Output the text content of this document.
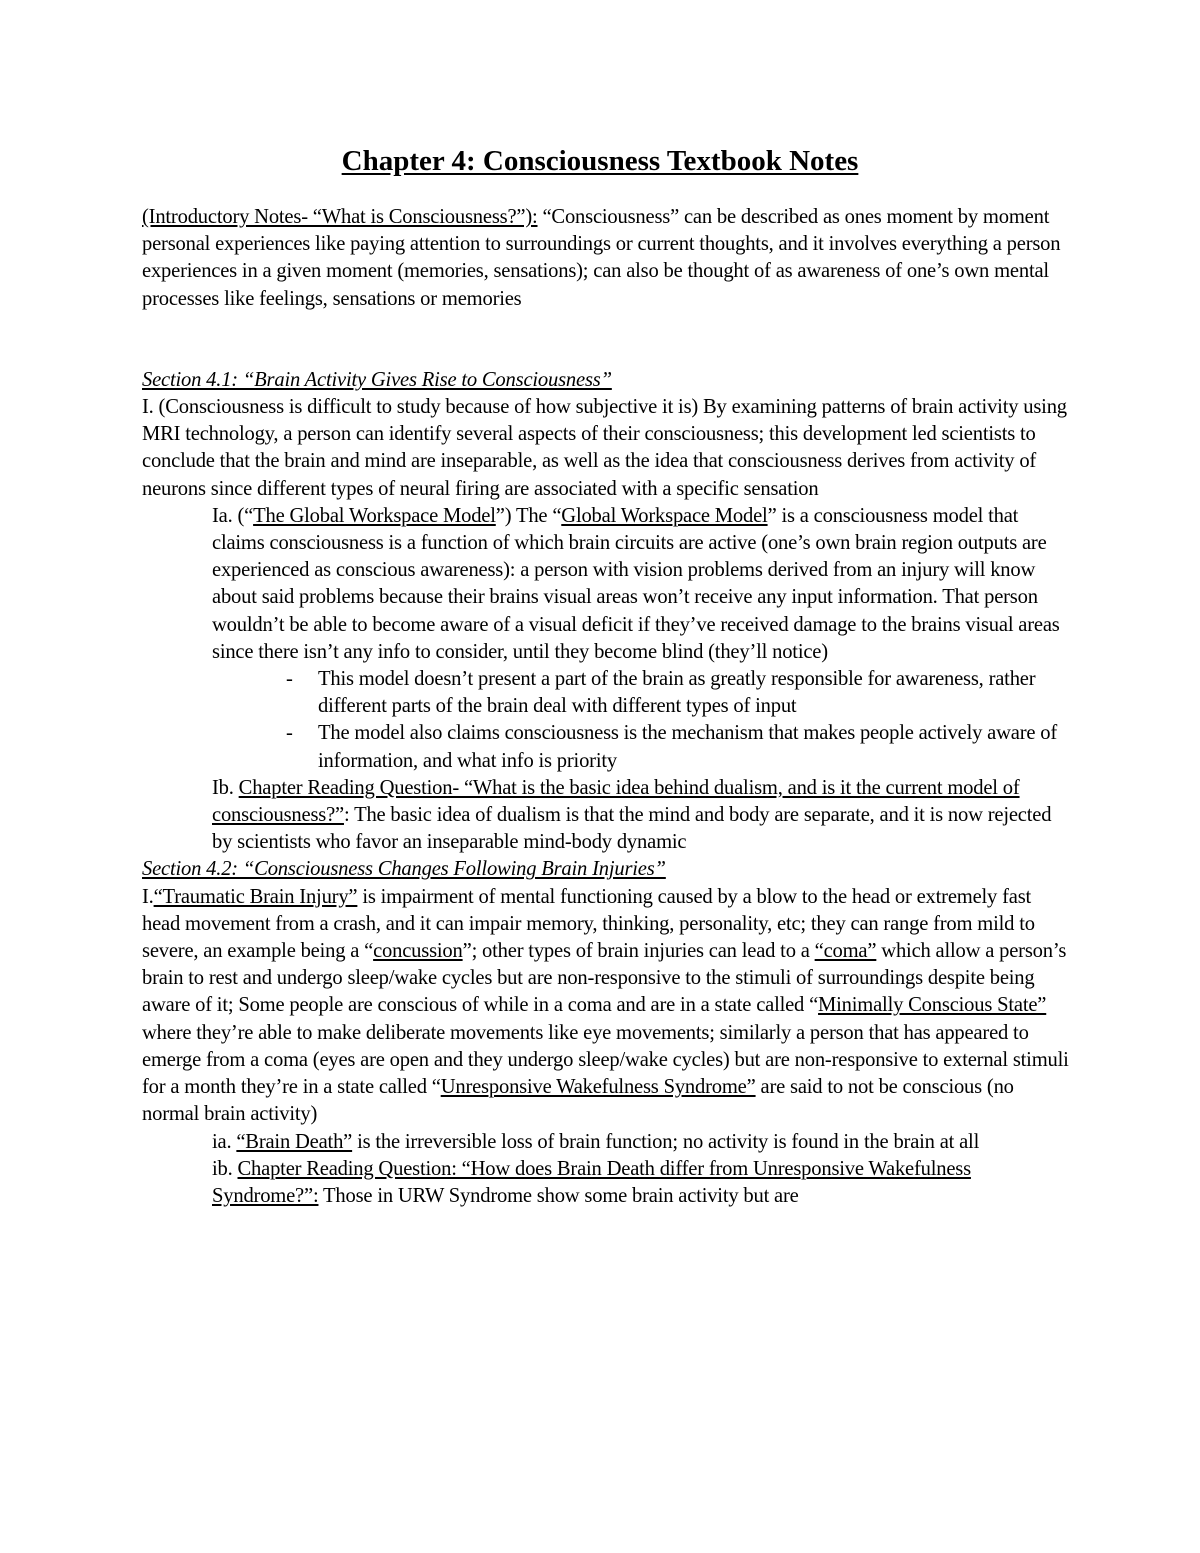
Chapter 4: Consciousness Textbook Notes

(Introductory Notes- “What is Consciousness?”): “Consciousness” can be described as ones moment by moment personal experiences like paying attention to surroundings or current thoughts, and it involves everything a person experiences in a given moment (memories, sensations); can also be thought of as awareness of one’s own mental processes like feelings, sensations or memories

Section 4.1: “Brain Activity Gives Rise to Consciousness”

I. (Consciousness is difficult to study because of how subjective it is) By examining patterns of brain activity using MRI technology, a person can identify several aspects of their consciousness; this development led scientists to conclude that the brain and mind are inseparable, as well as the idea that consciousness derives from activity of neurons since different types of neural firing are associated with a specific sensation

Ia. (“The Global Workspace Model”) The “Global Workspace Model” is a consciousness model that claims consciousness is a function of which brain circuits are active (one’s own brain region outputs are experienced as conscious awareness): a person with vision problems derived from an injury will know about said problems because their brains visual areas won’t receive any input information. That person wouldn’t be able to become aware of a visual deficit if they’ve received damage to the brains visual areas since there isn’t any info to consider, until they become blind (they’ll notice)

-	This model doesn’t present a part of the brain as greatly responsible for awareness, rather different parts of the brain deal with different types of input
-	The model also claims consciousness is the mechanism that makes people actively aware of information, and what info is priority

Ib. Chapter Reading Question- “What is the basic idea behind dualism, and is it the current model of consciousness?”: The basic idea of dualism is that the mind and body are separate, and it is now rejected by scientists who favor an inseparable mind-body dynamic

Section 4.2: “Consciousness Changes Following Brain Injuries”

I.“Traumatic Brain Injury” is impairment of mental functioning caused by a blow to the head or extremely fast head movement from a crash, and it can impair memory, thinking, personality, etc; they can range from mild to severe, an example being a “concussion”; other types of brain injuries can lead to a “coma” which allow a person’s brain to rest and undergo sleep/wake cycles but are non-responsive to the stimuli of surroundings despite being aware of it; Some people are conscious of while in a coma and are in a state called “Minimally Conscious State” where they’re able to make deliberate movements like eye movements; similarly a person that has appeared to emerge from a coma (eyes are open and they undergo sleep/wake cycles) but are non-responsive to external stimuli for a month they’re in a state called “Unresponsive Wakefulness Syndrome” are said to not be conscious (no normal brain activity)

ia. “Brain Death” is the irreversible loss of brain function; no activity is found in the brain at all

ib. Chapter Reading Question: “How does Brain Death differ from Unresponsive Wakefulness Syndrome?”: Those in URW Syndrome show some brain activity but are
